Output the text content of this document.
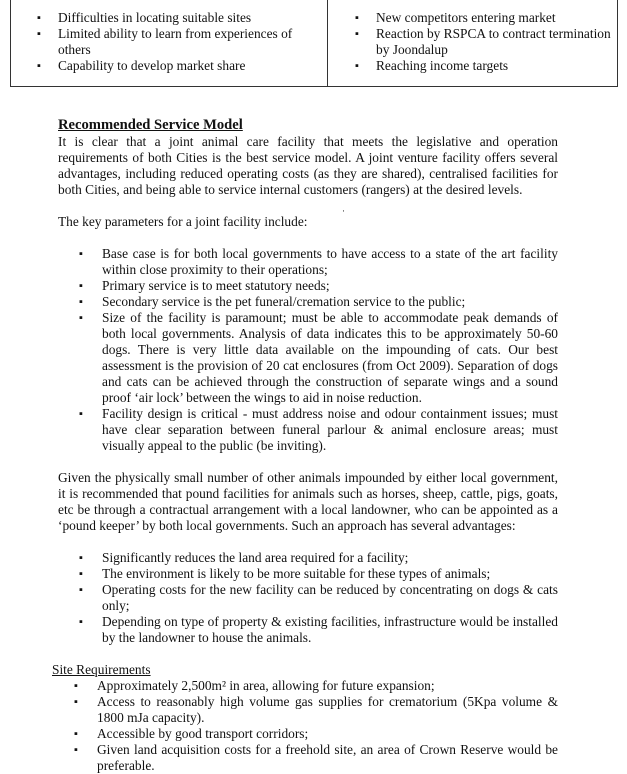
▪ Difficulties in locating suitable sites
▪ Limited ability to learn from experiences of others
▪ Capability to develop market share
▪ New competitors entering market
▪ Reaction by RSPCA to contract termination by Joondalup
▪ Reaching income targets
Recommended Service Model

It is clear that a joint animal care facility that meets the legislative and operation requirements of both Cities is the best service model. A joint venture facility offers several advantages, including reduced operating costs (as they are shared), centralised facilities for both Cities, and being able to service internal customers (rangers) at the desired levels.

The key parameters for a joint facility include:

▪ Base case is for both local governments to have access to a state of the art facility within close proximity to their operations;
▪ Primary service is to meet statutory needs;
▪ Secondary service is the pet funeral/cremation service to the public;
▪ Size of the facility is paramount; must be able to accommodate peak demands of both local governments. Analysis of data indicates this to be approximately 50-60 dogs. There is very little data available on the impounding of cats. Our best assessment is the provision of 20 cat enclosures (from Oct 2009). Separation of dogs and cats can be achieved through the construction of separate wings and a sound proof ‘air lock’ between the wings to aid in noise reduction.
▪ Facility design is critical - must address noise and odour containment issues; must have clear separation between funeral parlour & animal enclosure areas; must visually appeal to the public (be inviting).

Given the physically small number of other animals impounded by either local government, it is recommended that pound facilities for animals such as horses, sheep, cattle, pigs, goats, etc be through a contractual arrangement with a local landowner, who can be appointed as a ‘pound keeper’ by both local governments. Such an approach has several advantages:

▪ Significantly reduces the land area required for a facility;
▪ The environment is likely to be more suitable for these types of animals;
▪ Operating costs for the new facility can be reduced by concentrating on dogs & cats only;
▪ Depending on type of property & existing facilities, infrastructure would be installed by the landowner to house the animals.

Site Requirements

▪ Approximately 2,500m² in area, allowing for future expansion;
▪ Access to reasonably high volume gas supplies for crematorium (5Kpa volume & 1800 mJa capacity).
▪ Accessible by good transport corridors;
▪ Given land acquisition costs for a freehold site, an area of Crown Reserve would be preferable.
·
